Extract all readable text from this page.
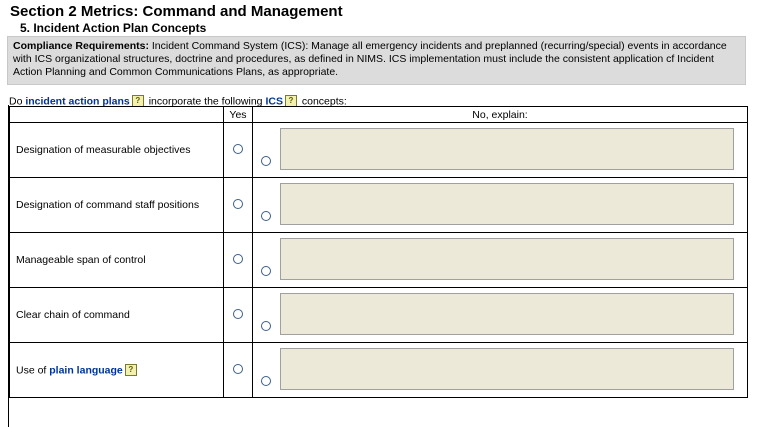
Section 2 Metrics: Command and Management
5. Incident Action Plan Concepts
Compliance Requirements: Incident Command System (ICS): Manage all emergency incidents and preplanned (recurring/special) events in accordance with ICS organizational structures, doctrine and procedures, as defined in NIMS. ICS implementation must include the consistent application cf Incident Action Planning and Common Communications Plans, as appropriate.
Do incident action plans ? incorporate the following ICS ? concepts:
	Yes	No, explain:
Designation of measurable objectives		

Designation of command staff positions		

Manageable span of control		

Clear chain of command		

Use of plain language ?		
